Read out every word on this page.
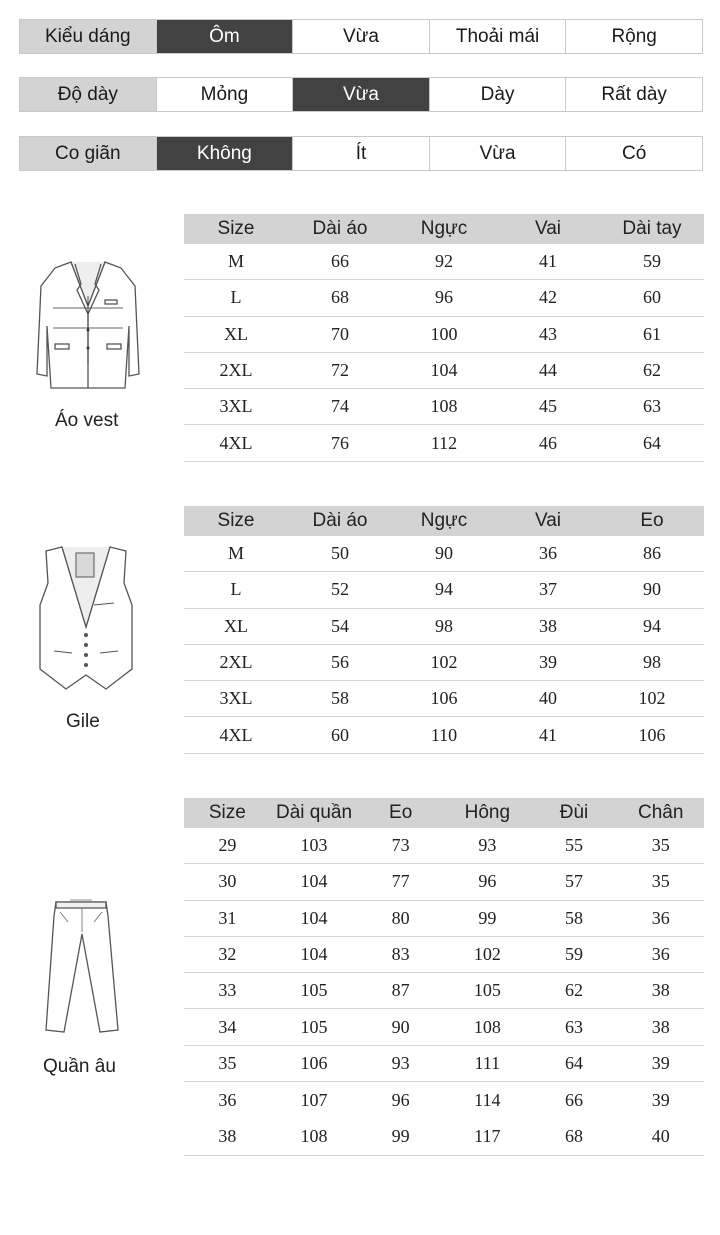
Kiểu dáng	Ôm	Vừa	Thoải mái	Rộng
Độ dày	Mỏng	Vừa	Dày	Rất dày
Co giãn	Không	Ít	Vừa	Có
Áo vest
Size	Dài áo	Ngực	Vai	Dài tay
M	66	92	41	59
L	68	96	42	60
XL	70	100	43	61
2XL	72	104	44	62
3XL	74	108	45	63
4XL	76	112	46	64
Gile
Size	Dài áo	Ngực	Vai	Eo
M	50	90	36	86
L	52	94	37	90
XL	54	98	38	94
2XL	56	102	39	98
3XL	58	106	40	102
4XL	60	110	41	106
Quần âu
Size	Dài quần	Eo	Hông	Đùi	Chân
29	103	73	93	55	35
30	104	77	96	57	35
31	104	80	99	58	36
32	104	83	102	59	36
33	105	87	105	62	38
34	105	90	108	63	38
35	106	93	111	64	39
36	107	96	114	66	39
38	108	99	117	68	40
